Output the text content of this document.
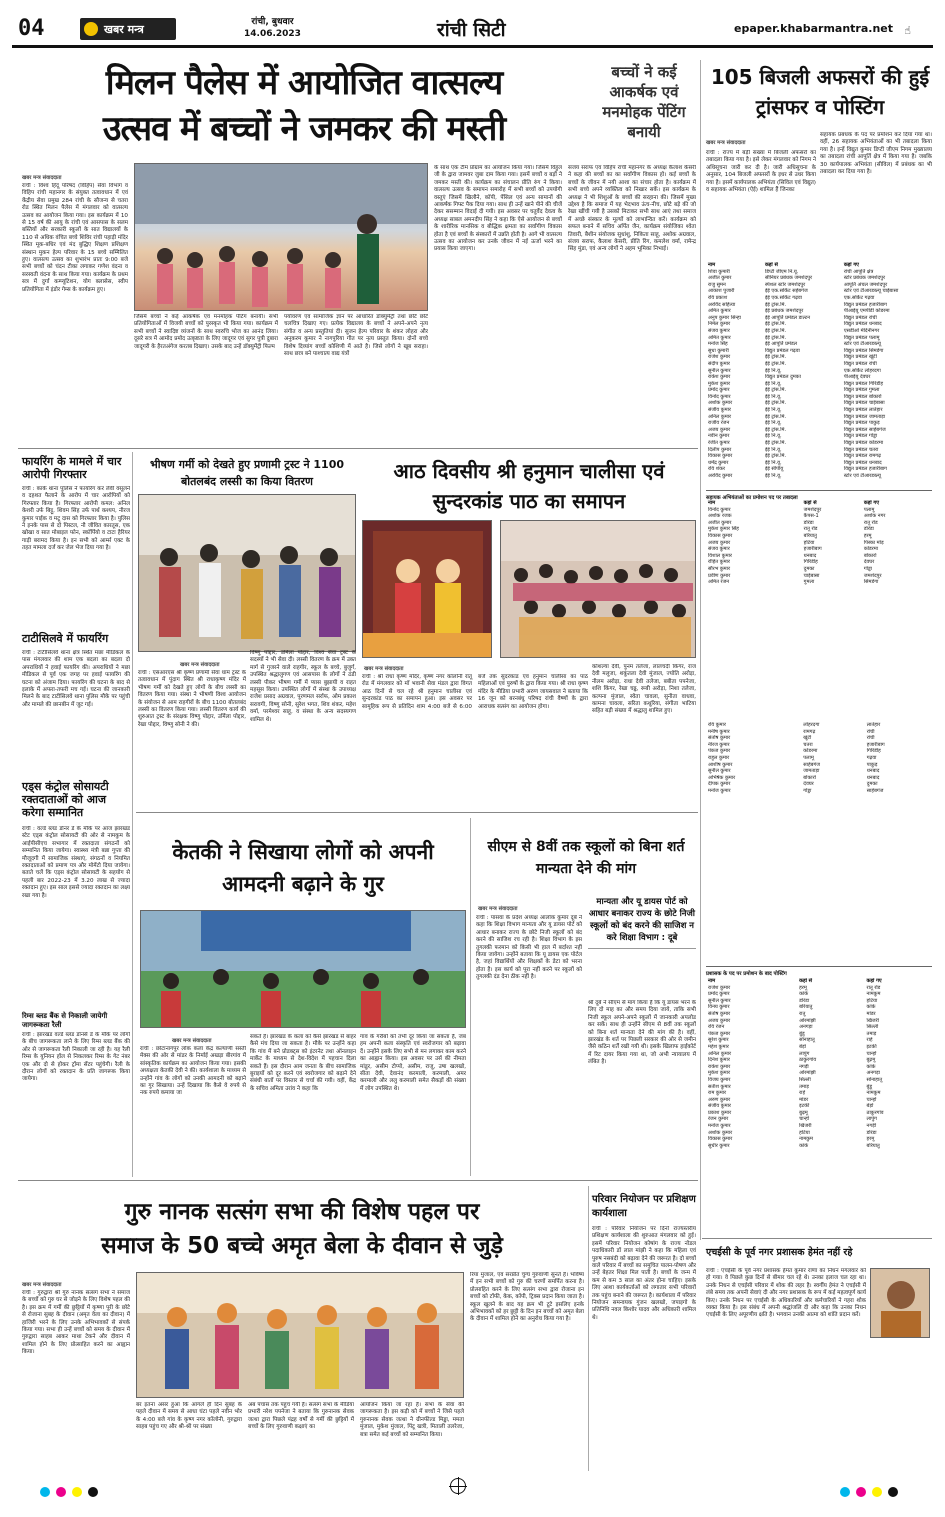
04	खबर मन्त्र
रांची, बुधवार
14.06.2023	रांची सिटी	epaper.khabarmantra.net ☝
मिलन पैलेस में आयोजित वात्सल्य
उत्सव में बच्चों ने जमकर की मस्ती
बच्चों ने कई आकर्षक एवं मनमोहक पेंटिंग बनायी
105 बिजली अफसरों की हुई ट्रांसफर व पोस्टिंग
खबर मन्त्र संवाददाता
रांची : विश्व हिंदू परिषद (विहिप) सेवा विभाग व विहिप रांची महानगर के संयुक्त तत्वावधान में एवं केंद्रीय सेवा प्रमुख 284 रांची के सौजन्य से चतरा रोड स्थित मिलन पैलेस में मंगलवार को वात्सल्य उत्सव का आयोजन किया गया। इस कार्यक्रम में 10 से 15 वर्ष की आयु के रांची एवं आसपास के सलम बस्तियों और सरकारी स्कूलों के सात विद्यालयों के 110 से अधिक वंचित बच्चे शिविर रांची पहाड़ी मंदिर स्थित मूक-बधिर एवं मंद बुद्धिए शिक्षण प्रशिक्षण संस्थान मुकन हेल्प परिवार के 15 बच्चे सम्मिलित हुए। वात्सल्य उत्सव का शुभारंभ प्रातः 9:00 बजे सभी बच्चों को चंदन टीका लगाकर गणेश वंदना व सरस्वती वंदना के साथ किया गया। कार्यक्रम के प्रथम सत्र में दुर्गा कम्प्यूटिशन, योग क्लासेस, स्वीप प्रतियोगिता में इंडोर गेम्स के कार्यक्रम हुए।
जिसमें बच्चों ने कई आकर्षक एवं मनमोहक पेंटिंग बनायी। सभी प्रतियोगिताओं में विजयी बच्चों को पुरस्कृत भी किया गया। कार्यक्रम में सभी बच्चों ने स्वादिष्ट व्यंजनों के साथ स्वरुचि भोज का आनंद लिया। दूसरे सत्र में आमोद प्रमोद उत्कृष्टता के लिए जादूगर एवं सुगर पुत्री दुबारा जादूगरी के हैरतअंगेज करतब दिखाए। उसके बाद उन्हें डॉक्युमेंट्री फिल्म
पर्यावरण एवं सामाजिक ज्ञान पर आधारित डॉक्युमेंट्री तथा छोटे छोटे चलचित्र दिखाए गए। प्रत्येक विद्यालय के बच्चों ने अपने-अपने नृत्य संगीत व अन्य प्रस्तुतियां दी। सुजन हेल्प परिवार के शंकर लोहरा और अनुकरम कुमार ने नागपुरिया गीत पर नृत्य प्रस्तुत किया। दोनों बच्चे विशेष दिव्यांग बच्चों कोशिणी में आते है। जिसे लोगों ने खूब सराहा। साथ छात्र बने पाश्चात्य वाद्य यंत्रों
के साथ एक टीम प्रोग्राम का आयोजन किया गया। जिसमें विहुल जी के द्वारा जामवर जुबा दाम किया गया। इसमें बच्चों व बड़ों ने जमकर मस्ती की। कार्यक्रम का संचालन प्रीति रुंग ने किया। वात्सल्य उत्सव के समापन समारोह में सभी बच्चों को उपयोगी वस्तुएं जिसमें खिलौने, कॉपी, पेंसिल एवं अन्य सामानों की आकर्षक गिफ्ट पैक दिया गया। साथ ही उन्हें खाने पीने की चीजें देकर ससम्मान विदाई दी गयी। इस अवसर पर चतुर्वेद देवत्व के अध्यक्ष साबल अमनदीप सिंह ने कहा कि ऐसे आयोजन से बच्चों के शारीरिक मानसिक व बौद्धिक क्षमता का सर्वांगीण विकास होता है एवं बच्चों के संस्कारों में उन्नति होती है। आगे भी वात्सल्य उत्सव का आयोजन कर उनके जीवन में नई ऊर्जा भरने का प्रयास किया जाएगा।
संजय सराफ एवं विहिप रांची महानगर के अध्यक्ष कैलाश केसरी ने कहा की बच्चों का का सर्वांगीण विकास हो। कई बच्चों के बच्चों के जीवन में नयी आशा का संचार होता है। कार्यक्रम में सभी बच्चे अपने व्यक्तित्व को निखार सकें। इस कार्यक्रम के अध्यक्ष ने भी शिशुओं के बच्चों की सरहाना की। जिसमें मुख्य उद्देश्य है कि समाज में यह भेदभाव ऊंच-नीच, छोटे बड़े की जो रेखा खींची गयी है उसको मिटाकर सभी साथ आएं तथा समाज में अच्छे संस्कार के मूल्यों को लाभान्वित करें। कार्यक्रम को सफल बनाने में सचिव अर्पित जैन, कार्यक्रम संयोजिका श्वेता तिवारी, बैशीन संयोजक सुधांशु, निकिता साहू, अशोक अग्रवाल, संजय सराफ, कैलाश केसरी, प्रीति रिंग, कमलेश वर्मा, रामेन्द्र सिंह मुंडा, एवं अन्य लोगों ने अहम भूमिका निभाई।
फायरिंग के मामले में चार आरोपी गिरफ्तार
रांची : कांके थाना पुलिस ने फायरिंग कर लेवी वसूलने व दहशत फैलाने के आरोप में चार आरोपियों को गिरफ्तार किया है। गिरफ्तार आरोपी कमल: अनिल केशरी उर्फ बिट्टू, शिवम सिंह उर्फ पार्थ कश्यप, नीरज कुमार पाईक व मटू दास को गिरफ्तार किया है। पुलिस ने इनके पास से दो पिस्टल, नौ जीवित कारतूस, एक खोखा व सात मोबाइल फोन, स्कॉर्पियो व टाटा हैरियर गाड़ी बरामद किया है। इन सभी को आर्म्स एक्ट के तहत मामला दर्ज कर जेल भेज दिया गया है।
टाटीसिलवे में फायरिंग
रांची : टाटीसिलवे थाना क्षेत्र स्थित मछा मीडिकल के पास मंगलवार की शाम एक बदला का बदला दो अपराधियों ने हवाई फायरिंग की। अपराधियों ने मछा मीडिकल से पूर्व एक जगह पर हवाई फायरिंग की घटना को अंजाम दिया। फायरिंग की घटना के बाद से इलाके में अफरा-तफरी मच गई। घटना की जानकारी मिलने के बाद टाटीसिलवे थाना पुलिस मौके पर पहुंची और मामले की छानबीन में जुट गई।
एड्स कंट्रोल सोसायटी रक्तदाताओं को आज करेगा सम्मानित
रांची : वर्ल्ड ब्लड डोनर डे के मौके पर आज झारखंड स्टेट एड्स कंट्रोल सोसायटी की ओर से नामकुम के आईपीसीएच सभागार में रक्तदाता संगठनों को सम्मानित किया जायेगा। स्वास्थ्य मंत्री बन्ना गुप्ता की मौजूदगी में सामाजिक संस्थाएं, संगठनों व नियमित रक्तदाताओं को प्रमाण पत्र और मोमेंटो दिया जायेगा। बताते चलें कि एड्स कंट्रोल सोसायटी के सहयोग से पहली बार 2022-23 में 3.20 लाख से ज्यादा रक्तदान हुए। इस साल इससे ज्यादा रक्तदान का लक्ष्य रखा गया है।
रिम्स ब्लड बैंक से निकाली जायेगी जागरूकता रैली
रांची : झारखंड वर्ल्ड ब्लड डोनर्स डे के मौके पर लोगों के बीच जागरूकता लाने के लिए रिम्स ब्लड बैंक की ओर से जागरूकता रैली निकाली जा रही है। यह रैली रिम्स के युनियन हॉल से निकलकर रिम्स के गेट नंबर एक और दो से होकर ट्रॉमा सेंटर पहुंचेगी। रैली के दौरान लोगों को रक्तदान के प्रति जागरूक किया जायेगा।
भीषण गर्मी को देखते हुए प्रणामी ट्रस्ट ने 1100 बोतलबंद लस्सी का किया वितरण
खबर मन्त्र संवाददाता
रांची : एसआरएस श्री कृष्ण प्रणामी सेवा धाम ट्रस्ट के तत्वावधान में पुंदाग स्थित श्री राधाकृष्ण मंदिर में भीषण गर्मी को देखते हुए लोगों के बीच लस्सी का वितरण किया गया। संस्था ने भीषणी विश्व आयोजन के संयोजन से आम राहगीरों के बीच 1100 बोतलबंद लस्सी का वितरण किया गया। लस्सी वितरण कार्य की शुरुआत ट्रस्ट के संरक्षक विष्णु पोद्दार, उर्मिला पोद्दार, रेखा पोद्दार, विष्णु सोनी ने की।
विष्णु पोद्दार, उर्मिला पोद्दार, विश्व सेवा ट्रस्ट के सदस्यों ने भी सेवा दी। लस्सी वितरण के क्रम में उक्त मार्ग से गुजरने वाले राहगीर, स्कूल के बच्चे, बुजुर्ग, उपस्थित श्रद्धालुगण एवं आसपास के लोगों ने ठंडी लस्सी पीकर भीषण गर्मी में प्यास बुझायी व राहत महसूस किया। उपस्थित लोगों में संस्था के उपाध्यक्ष राजेश प्रसाद अग्रवाल, पूरणमल सर्राफ, ओम प्रकाश सरावगी, विष्णु सोनी, सुरेश भगत, शिव शंकर, महेश वर्मा, परमेश्वर साहू, व संस्था के अन्य सदस्यगण शामिल थे।
आठ दिवसीय श्री हनुमान चालीसा एवं सुन्दरकांड पाठ का समापन
खबर मन्त्र संवाददाता
रांची : श्री राधा कृष्ण मंदिर, कृष्ण नगर कॉलोनी रातू रोड में मंगलवार को माँ भवानी सेवा मंडल द्वारा विगत आठ दिनों से चल रहे श्री हनुमान चालीसा एवं सुन्दरकांड पाठ का समापन हुआ। इस अवसर पर सामूहिक रूप से प्रतिदिन शाम 4:00 बजे से 6:00 बजे तक सुंदरकांड एवं हनुमान चालीसा का पाठ महिलाओं एवं पुरुषों के द्वारा किया गया। श्री राधा कृष्ण मंदिर के मीडिया प्रभारी अरुण जायसवाल ने बताया कि 16 जून को बरनबंधु परिषद रांची वैष्णों के द्वारा आराधक सत्संग का आयोजन होगा।
कोशल्या देवी, पुनम तलेजा, लालचंदी किंगर, राज देवी मलुजा, शकुंतला देवी मुंजाल, ज्योति अरोड़ा, नीलम अरोड़ा, राधा देवी तलेजा, बबीता पपनेजा, शशि किंगर, रेखा चढ्ढ, रूबी अरोड़ा, निशा तलेजा, कल्पना मुंजाल, स्वेता चावला, सुनीता वाधवा, कामना चावला, सरिता कथूरिया, संगीता भाटिया सहित बड़ी संख्या में श्रद्धालु शामिल हुए।
केतकी ने सिखाया लोगों को अपनी आमदनी बढ़ाने के गुर
खबर मन्त्र संवाददाता
रांची : छोटानागपुर लोक कला केंद्र कल्याणी सस्ती मेक्स की ओर से मांडर के निर्माई अखड़ा बीरगांव में सांस्कृतिक कार्यक्रम का आयोजन किया गया। इसकी अध्यक्षता केतकी देवी ने की। कार्यशाला के माध्यम से उन्होंने गांव के लोगों को उनकी आमदनी को बढ़ाने का गुर सिखाया। उन्हें दिखाया कि कैसे वे रुपये से नक रुपये कमाया जा
सकते हैं। झारखंड के कला को कैसे झारखंड से बाहर कैसे मंच दिया जा सकता है। मौके पर उन्होंने कहा कि गांव में बने प्रोडक्ट्स को इंटरनेट तथा ऑनलाइन मार्केट के माध्यम से देश-विदेश में पहचान दिला सकते हैं। इस दौरान आम जनता के बीच सामाजिक बुराइयों को दूर करने एवं स्वरोजगार को बढ़ाने देने संबंधी बातों पर विस्तार से चर्चा की गयी। वहीं, केंद्र के सचिव अमिता उरांव ने कहा कि
गांव के गरीबों को तभी दूर किया जा सकता है, जब हम अपनी कला संस्कृति एवं स्वरोजगार को बढ़ावा दें। उन्होंने इसके लिए सभी से मन लगाकर काम करने का आह्वान किया। इस अवसर पर उर्स की नीमता मांडुर, असीम टोप्पो, असीम, राजू, उषा खलखो, सीता देवी, देवानंद करमाली, करमाली, अमर करमाली और ललु करमाली समेत सैकड़ों की संख्या में लोग उपस्थित थे।
सीएम से 8वीं तक स्कूलों को बिना शर्त मान्यता देने की मांग
खबर मन्त्र संवाददाता
रांची : पासवा के प्रदेश अध्यक्ष आलोक कुमार दूबे ने कहा कि शिक्षा विभाग मान्यता और यू डायस पोर्ट को आधार बनाकर राज्य के छोटे निजी स्कूलों को बंद करने की साजिश रच रही है। शिक्षा विभाग के इस तुगलकी फरमान को किसी भी हाल में बर्दाश्त नहीं किया जायेगा। उन्होंने बताया कि यू डायस एक पोर्टल है, जहां विद्यार्थियों और शिक्षकों के डेटा को भरना होता है। इस कार्य को पूरा नहीं करने पर स्कूलों को तुगलकी दंड देना ठीक नहीं है।
मान्यता और यू डायस पोर्ट को आधार बनाकर राज्य के छोटे निजी स्कूलों को बंद करने की साजिश न करे शिक्षा विभाग : दूबे
श्री दूबे ने सीएम से मांग किया है कि यू डायस भरने के लिए दो माह का और समय दिया जाये, ताकि सभी निजी स्कूल अपने-अपने स्कूलों में जानकारी अपलोड कर सकें। साथ ही उन्होंने सीएम से 8वीं तक स्कूलों को बिना शर्त मान्यता देने की मांग की है। वहीं, झारखंड के शर्त पर पिछली सरकार की ओर से जमीन जैसे कठिन शर्तें रखी गयी थी। इसके खिलाफ हाईकोर्ट में रिट दायर किया गया था, जो अभी न्यायालय में लंबित है।
गुरु नानक सत्संग सभा की विशेष पहल पर
समाज के 50 बच्चे अमृत बेला के दीवान से जुड़े
खबर मन्त्र संवाददाता
रांची : गुरुद्वारा श्री गुरु नानक सत्संग सभा ने समाज के बच्चों को गुरु घर से जोड़ने के लिए विशेष पहल की है। इस क्रम में गर्मी की छुट्टियों में कृष्णा पुरी के छोटे से रोजाना सुबह के दीवान (अमृत वेला का दीवान) में हाजिरी भरने के लिए उनके अभिभावकों से संपर्क किया गया। सभा ही उन्हें बच्चों को समय के दीवान में गुरुद्वारा साहब आकर माथा टेकने और दीवान में शामिल होने के लिए प्रोत्साहित करने का आह्वान किया।
बर इतना असर हुआ कि आगले ही दिन सुबह के पहले दीवान में समय से आधा घंटा पहले नवीन भोर के 4:00 बजे गांव के कृष्ण नगर कॉलोनी, गुरुद्वारा साहब पहुंच गए और श्री-श्री पर संख्या
अब पचास तक पहुंच गयी है। सत्संग सभा के मीडिया प्रभारी नरेश पपनेजा ने बताया कि गुरुनानक सेवक जत्था द्वारा पिछले पंद्रह वर्षों से गर्मी की छुट्टियों में बच्चों के लिए गुरुवाणी कक्षाएं का
आयोजन किया जा रहा है। सभा के सेवा की जागरूकता है। इस कड़ी को में बच्चों ने जिसे पहले गुरुनानक सेवक जत्था ने ग्रीनफील्ड मिड्ढा, ममता मुंजाल, मुकेश मुंजाल, पिंटू खत्री, मिताली तलरेजा, बत्रा समेत कई बच्चों को सम्मानित किया।
रिया मुंजाल, एवं सरप्रीत चुग्घ गुरुवाणी सुनते हैं। भविष्य में इन सभी बच्चों को गुरु की चरणों समर्पित करना है। प्रोत्साहित करने के लिए सत्संग सभा द्वारा रोजाना इन बच्चों को टॉफी, केक, कॉपी, ट्रिक्स प्रदान किया जाता है। स्कूल खुलने के बाद यह क्रम भी टूटे इसलिए इनके अभिभावकों को हर छुट्टी के दिन इन बच्चों को अमृत बेला के दीवान में शामिल होने का अनुरोध किया गया है।
परिवार नियोजन पर प्रशिक्षण कार्यशाला
रांची : परिवार नियोजन पर दिनों राज्यस्तरीय प्रशिक्षण कार्यशाला की शुरुआत मंगलवार को हुई। इसमें परिवार नियोजन कोषांग के राज्य नोडल पदाधिकारी डॉ लाल मांझी ने कहा कि महिला एवं पुरुष नसबंदी को बढ़ावा देने की जरूरत है। दो बच्चों वाले परिवार में बच्चों का समुचित पालन-पोषण और उन्हें बेहतर शिक्षा मिल पाती है। बच्चों के जन्म में कम से कम 3 साल का अंतर होना चाहिए। इसके लिए आशा कार्यकर्ताओं को लगातार सभी परिवारों तक पहुंच बनाने की जरूरत है। कार्यशाला में परिवार नियोजन समन्वयक गुंजन खलखो, जपाइगो के प्रतिनिधि नवल किशोर यादव और अधिकारी शामिल थे।
खबर मन्त्र संवाददाता
रांची : राज्य में बड़ी संख्या में बिजली अफसरों का तबादला किया गया है। इसे लेकर मंगलवार को निगम ने अधिसूचना जारी कर दी है। जारी अधिसूचना के अनुसार, 104 बिजली अफसरों के इधर से उधर किया गया है। इसमें कार्यपालक अभियंता (सिविल एवं विद्युत) व सहायक अभियंता (ऐई) शामिल हैं जिनका
सहायक प्रबंधक के पद पर प्रमोशन कर दिया गया था। वहीं, 26 सहायक अभियंताओं का भी तबादला किया गया है। इन्हें विद्युत कुमार डिप्टी जीएम निगम मुख्यालय का तबादला रांची आपूर्ति क्षेत्र में किया गया है। जबकि 30 कार्यपालक अभियंता (सीविल) में प्रबंधक का भी तबादला कर दिया गया है।
नाम	कहां से	कहां गए
शिवा कुमारी	डिप्टी जीएम नि.यू.	रांची आपूर्ति क्षेत्र
अजीत कुमार	सीनियर प्रबंधक जमशेदपुर	स्टोर प्रबंधक जमशेदपुर
राजु सुमन	स्पेशल स्टोर जमशेदपुर	आपूर्ति अंचल जमशेदपुर
आकाश पुजारी	ईई एक.सर्किट सहेबगंज	स्टोर एवं टीआरडब्ल्यू चाईबासा
रवि प्रकाश	ईई एक.सर्किट गढ़वा	एक.सर्किट गढ़वा
अरविंद सहित्या	ईई ट्रांस.मि.	विद्युत प्रमंडल हजारीबाग
अमित कुमार	ईई प्रबंधक जमशेदपुर	पीआईयू एमपीडी कोडरमा
अनुप कुमार सिन्हा	ईई आपूर्ति प्रमंडल डाल्टन	विद्युत प्रमंडल रांची
निर्मल कुमार	ईई ट्रांस.मि.	विद्युत प्रमंडल धनबाद
संजय कुमार	ईई ट्रांस.मि.	एसडीओ मेदिनीनगर
अमित कुमार	ईई ट्रांस.मि.	विद्युत प्रमंडल पलामू
मनोज सिंह	ईई आपूर्ति प्रमंडल	स्टोर एवं टीआरडब्ल्यू
सुधा कुमारी	विद्युत प्रमंडल गढ़वा	विद्युत प्रमंडल सिमडेगा
राजेश कुमार	ईई ट्रांस.मि.	विद्युत प्रमंडल खूंटी
संदीप कुमार	ईई ट्रांस.मि.	विद्युत प्रमंडल रांची
सुनील कुमार	ईई नि.यू.	एक.सर्किट लोहरदगा
राकेश कुमार	विद्युत प्रमंडल दुमका	पीआईयू देवघर
मुकेश कुमार	ईई नि.यू.	विद्युत प्रमंडल गिरिडीह
प्रमोद कुमार	ईई ट्रांस.मि.	विद्युत प्रमंडल गुमला
विनोद कुमार	ईई नि.यू.	विद्युत प्रमंडल बोकारो
अशोक कुमार	ईई ट्रांस.मि.	विद्युत प्रमंडल चाईबासा
संजीव कुमार	ईई नि.यू.	विद्युत प्रमंडल लातेहार
अनिल कुमार	ईई ट्रांस.मि.	विद्युत प्रमंडल जामताड़ा
राजीव रंजन	ईई नि.यू.	विद्युत प्रमंडल पाकुड़
अजय कुमार	ईई ट्रांस.मि.	विद्युत प्रमंडल साहेबगंज
नवीन कुमार	ईई नि.यू.	विद्युत प्रमंडल गोड्डा
रंजीत कुमार	ईई ट्रांस.मि.	विद्युत प्रमंडल कोडरमा
दिलीप कुमार	ईई नि.यू.	विद्युत प्रमंडल चतरा
विकास कुमार	ईई ट्रांस.मि.	विद्युत प्रमंडल रामगढ़
धर्मेंद्र कुमार	ईई नि.यू.	विद्युत प्रमंडल धनबाद
रवि शंकर	ईई सीपीयू	विद्युत प्रमंडल हजारीबाग
अरविंद कुमार	ईई नि.यू.	स्टोर एवं टीआरडब्ल्यू
सहायक अभियंताओं का प्रमोशन पद पर तबादला
नाम	कहां से	कहां गए
विनोद कुमार	जमशेदपुर	पलामू
अशोक रजक	कैंपस-1	अशोक नगर
अजीत कुमार	डोरंडा	रातू रोड
मुकेश कुमार सिंह	रातू रोड	डोरंडा
विकास कुमार	बरियातु	हरमू
अजय कुमार	हटिया	पिस्का मोड़
संजय कुमार	हजारीबाग	कोडरमा
विशाल कुमार	धनबाद	बोकारो
रोहित कुमार	गिरिडीह	देवघर
सौरभ कुमार	दुमका	गोड्डा
प्रवीण कुमार	चाईबासा	जमशेदपुर
अमित रंजन	गुमला	सिमडेगा
प्रशासक के पद पर प्रमोशन के बाद पोस्टिंग
नाम	कहां से	कहां गए
राजेश कुमार	हरमू	रातू रोड
प्रमोद कुमार	कांके	नामकुम
सुनील कुमार	डोरंडा	हटिया
विनय कुमार	बरियातु	कांके
संतोष कुमार	रातू	मांडर
अजय कुमार	ओरमांझी	खिजरी
रवि रंजन	अनगड़ा	सिल्ली
पंकज कुमार	बुंडू	तमाड़
सुरेश कुमार	सोनाहातू	राहे
महेश कुमार	बेड़ो	इटकी
अनिल कुमार	लापुंग	चान्हो
दिनेश कुमार	ठाकुरगांव	बुढ़मू
राकेश कुमार	नगड़ी	कांके
मुकेश कुमार	ओरमांझी	अनगड़ा
विजय कुमार	सिल्ली	सोनाहातू
सतीश कुमार	तमाड़	बुंडू
राम कुमार	राहे	नामकुम
अरुण कुमार	मांडर	चान्हो
संजीव कुमार	इटकी	बेड़ो
प्रकाश कुमार	बुढ़मू	ठाकुरगांव
रंजन कुमार	चान्हो	लापुंग
मनोज कुमार	खिजरी	नगड़ी
अशोक कुमार	हटिया	डोरंडा
विकास कुमार	नामकुम	हरमू
सुधीर कुमार	कांके	बरियातु
रवि कुमार	लोहरदगा	लातेहार
मनीष कुमार	रामगढ़	रांची
संतोष कुमार	खूंटी	रांची
नीरज कुमार	चतरा	हजारीबाग
पंकज कुमार	कोडरमा	गिरिडीह
राहुल कुमार	पलामू	गढ़वा
आशीष कुमार	साहेबगंज	पाकुड़
सुनील कुमार	जामताड़ा	धनबाद
अभिषेक कुमार	बोकारो	धनबाद
दीपक कुमार	देवघर	दुमका
मनोज कुमार	गोड्डा	साहेबगंज
एचईसी के पूर्व नगर प्रशासक हेमंत नहीं रहे
रांची : एचईसी के पूर्व नगर प्रशासक हेमंत कुमार राणा का निधन मंगलवार को हो गया। वे पिछले कुछ दिनों से बीमार चल रहे थे। उनका इलाज चल रहा था। उनके निधन से एचईसी परिवार में शोक की लहर है। स्वर्गीय हेमंत ने एचईसी में लंबे समय तक अपनी सेवाएं दी और नगर प्रशासक के रूप में कई महत्वपूर्ण कार्य किए। उनके निधन पर एचईसी के अधिकारियों और कर्मचारियों ने गहरा शोक व्यक्त किया है। इस संबंध में अपनी श्रद्धांजलि दी और कहा कि उनका निधन एचईसी के लिए अपूरणीय क्षति है। भगवान उनकी आत्मा को शांति प्रदान करें।
